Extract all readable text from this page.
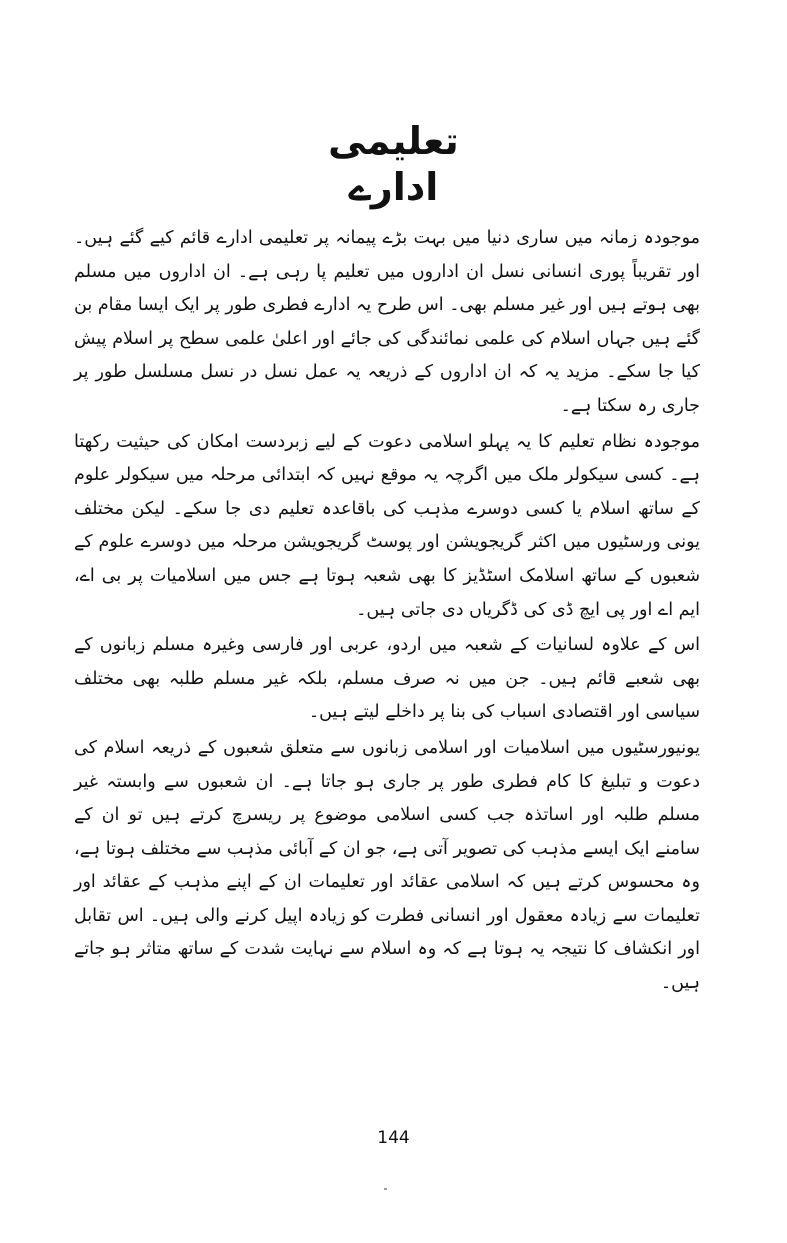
تعلیمی
ادارے

موجودہ زمانہ میں ساری دنیا میں بہت بڑے پیمانہ پر تعلیمی ادارے قائم کیے گئے ہیں۔ اور تقریباً پوری انسانی نسل ان اداروں میں تعلیم پا رہی ہے۔ ان اداروں میں مسلم بھی ہوتے ہیں اور غیر مسلم بھی۔ اس طرح یہ ادارے فطری طور پر ایک ایسا مقام بن گئے ہیں جہاں اسلام کی علمی نمائندگی کی جائے اور اعلیٰ علمی سطح پر اسلام پیش کیا جا سکے۔ مزید یہ کہ ان اداروں کے ذریعہ یہ عمل نسل در نسل مسلسل طور پر جاری رہ سکتا ہے۔

موجودہ نظام تعلیم کا یہ پہلو اسلامی دعوت کے لیے زبردست امکان کی حیثیت رکھتا ہے۔ کسی سیکولر ملک میں اگرچہ یہ موقع نہیں کہ ابتدائی مرحلہ میں سیکولر علوم کے ساتھ اسلام یا کسی دوسرے مذہب کی باقاعدہ تعلیم دی جا سکے۔ لیکن مختلف یونی ورسٹیوں میں اکثر گریجویشن اور پوسٹ گریجویشن مرحلہ میں دوسرے علوم کے شعبوں کے ساتھ اسلامک اسٹڈیز کا بھی شعبہ ہوتا ہے جس میں اسلامیات پر بی اے، ایم اے اور پی ایچ ڈی کی ڈگریاں دی جاتی ہیں۔

اس کے علاوہ لسانیات کے شعبہ میں اردو، عربی اور فارسی وغیرہ مسلم زبانوں کے بھی شعبے قائم ہیں۔ جن میں نہ صرف مسلم، بلکہ غیر مسلم طلبہ بھی مختلف سیاسی اور اقتصادی اسباب کی بنا پر داخلے لیتے ہیں۔

یونیورسٹیوں میں اسلامیات اور اسلامی زبانوں سے متعلق شعبوں کے ذریعہ اسلام کی دعوت و تبلیغ کا کام فطری طور پر جاری ہو جاتا ہے۔ ان شعبوں سے وابستہ غیر مسلم طلبہ اور اساتذہ جب کسی اسلامی موضوع پر ریسرچ کرتے ہیں تو ان کے سامنے ایک ایسے مذہب کی تصویر آتی ہے، جو ان کے آبائی مذہب سے مختلف ہوتا ہے، وہ محسوس کرتے ہیں کہ اسلامی عقائد اور تعلیمات ان کے اپنے مذہب کے عقائد اور تعلیمات سے زیادہ معقول اور انسانی فطرت کو زیادہ اپیل کرنے والی ہیں۔ اس تقابل اور انکشاف کا نتیجہ یہ ہوتا ہے کہ وہ اسلام سے نہایت شدت کے ساتھ متاثر ہو جاتے ہیں۔

144
